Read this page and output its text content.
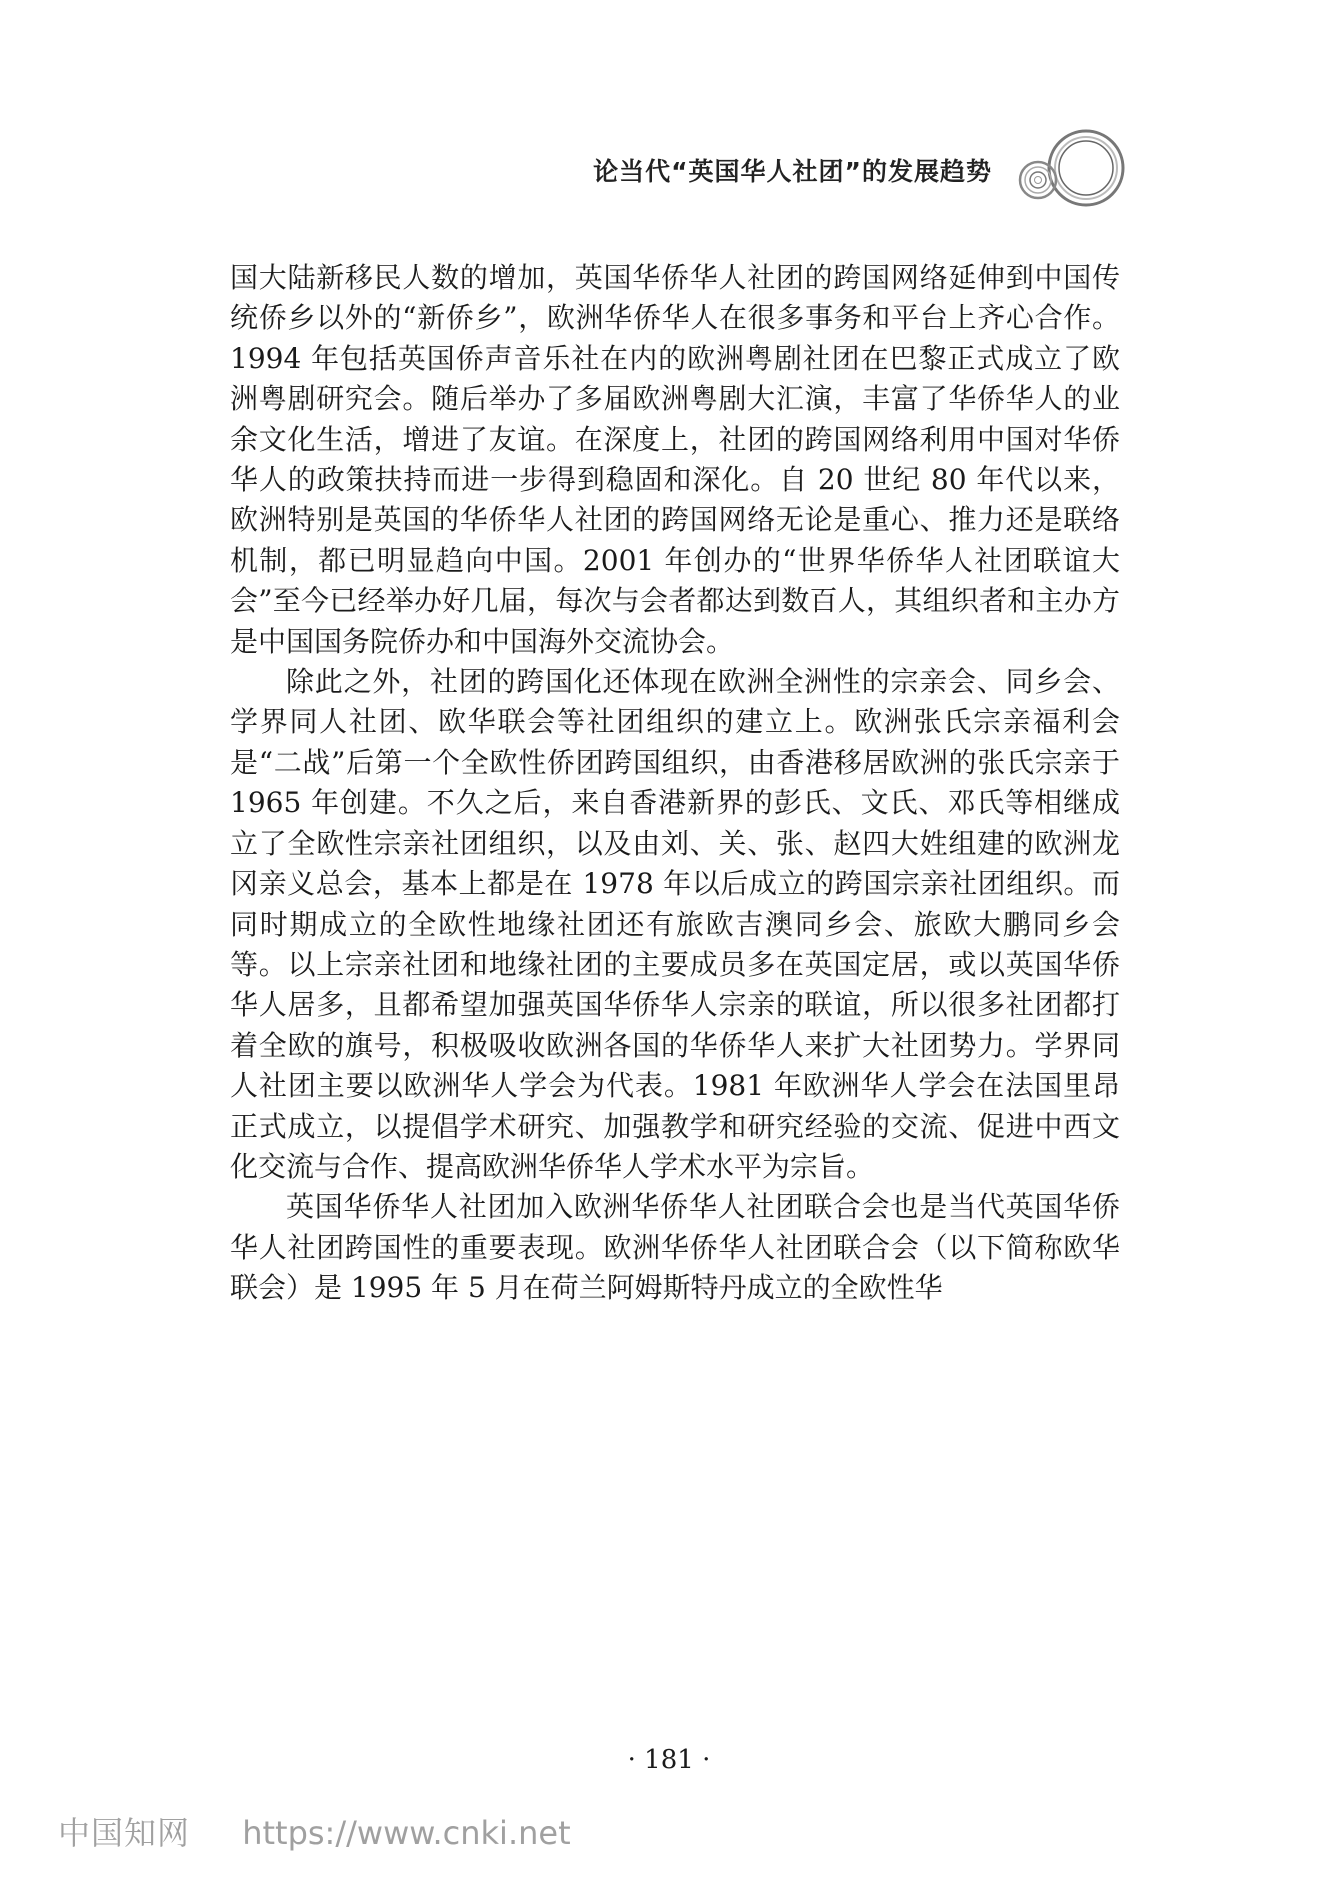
论当代“英国华人社团”的发展趋势

国大陆新移民人数的增加，英国华侨华人社团的跨国网络延伸到中国传统侨乡以外的“新侨乡”，欧洲华侨华人在很多事务和平台上齐心合作。1994 年包括英国侨声音乐社在内的欧洲粤剧社团在巴黎正式成立了欧洲粤剧研究会。随后举办了多届欧洲粤剧大汇演，丰富了华侨华人的业余文化生活，增进了友谊。在深度上，社团的跨国网络利用中国对华侨华人的政策扶持而进一步得到稳固和深化。自 20 世纪 80 年代以来，欧洲特别是英国的华侨华人社团的跨国网络无论是重心、推力还是联络机制，都已明显趋向中国。2001 年创办的“世界华侨华人社团联谊大会”至今已经举办好几届，每次与会者都达到数百人，其组织者和主办方是中国国务院侨办和中国海外交流协会。

除此之外，社团的跨国化还体现在欧洲全洲性的宗亲会、同乡会、学界同人社团、欧华联会等社团组织的建立上。欧洲张氏宗亲福利会是“二战”后第一个全欧性侨团跨国组织，由香港移居欧洲的张氏宗亲于 1965 年创建。不久之后，来自香港新界的彭氏、文氏、邓氏等相继成立了全欧性宗亲社团组织，以及由刘、关、张、赵四大姓组建的欧洲龙冈亲义总会，基本上都是在 1978 年以后成立的跨国宗亲社团组织。而同时期成立的全欧性地缘社团还有旅欧吉澳同乡会、旅欧大鹏同乡会等。以上宗亲社团和地缘社团的主要成员多在英国定居，或以英国华侨华人居多，且都希望加强英国华侨华人宗亲的联谊，所以很多社团都打着全欧的旗号，积极吸收欧洲各国的华侨华人来扩大社团势力。学界同人社团主要以欧洲华人学会为代表。1981 年欧洲华人学会在法国里昂正式成立，以提倡学术研究、加强教学和研究经验的交流、促进中西文化交流与合作、提高欧洲华侨华人学术水平为宗旨。

英国华侨华人社团加入欧洲华侨华人社团联合会也是当代英国华侨华人社团跨国性的重要表现。欧洲华侨华人社团联合会（以下简称欧华联会）是 1995 年 5 月在荷兰阿姆斯特丹成立的全欧性华

· 181 ·
中国知网 https://www.cnki.net
